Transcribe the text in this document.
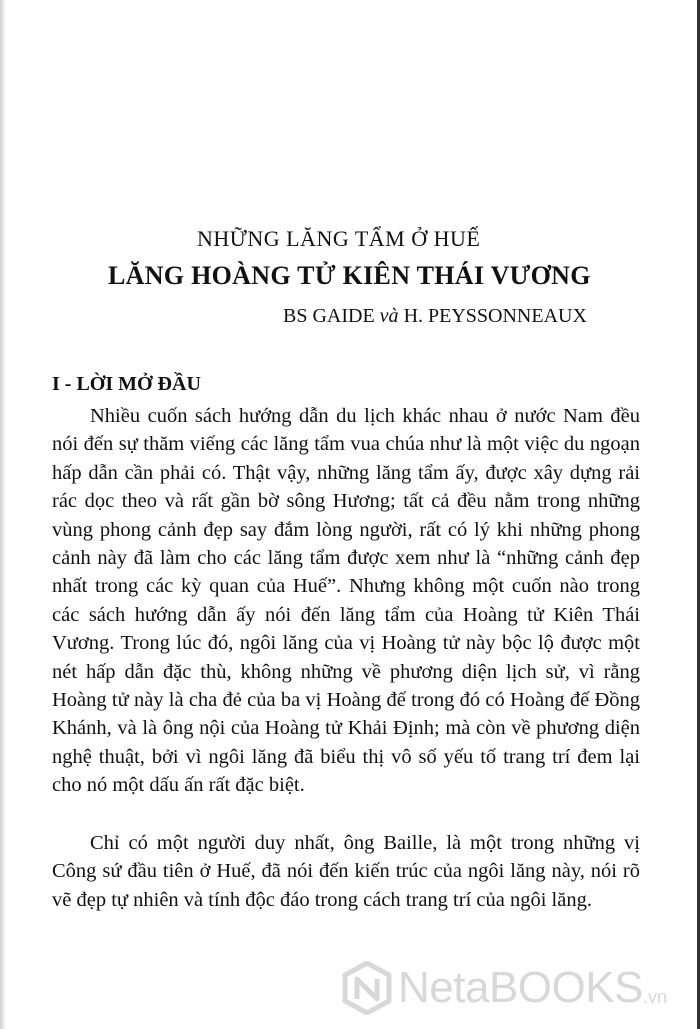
NHỮNG LĂNG TẨM Ở HUẾ
LĂNG HOÀNG TỬ KIÊN THÁI VƯƠNG
BS GAIDE và H. PEYSSONNEAUX
I - LỜI MỞ ĐẦU

Nhiều cuốn sách hướng dẫn du lịch khác nhau ở nước Nam đều nói đến sự thăm viếng các lăng tẩm vua chúa như là một việc du ngoạn hấp dẫn cần phải có. Thật vậy, những lăng tẩm ấy, được xây dựng rải rác dọc theo và rất gần bờ sông Hương; tất cả đều nằm trong những vùng phong cảnh đẹp say đắm lòng người, rất có lý khi những phong cảnh này đã làm cho các lăng tẩm được xem như là “những cảnh đẹp nhất trong các kỳ quan của Huế”. Nhưng không một cuốn nào trong các sách hướng dẫn ấy nói đến lăng tẩm của Hoàng tử Kiên Thái Vương. Trong lúc đó, ngôi lăng của vị Hoàng tử này bộc lộ được một nét hấp dẫn đặc thù, không những về phương diện lịch sử, vì rằng Hoàng tử này là cha đẻ của ba vị Hoàng đế trong đó có Hoàng đế Đồng Khánh, và là ông nội của Hoàng tử Khải Định; mà còn về phương diện nghệ thuật, bởi vì ngôi lăng đã biểu thị vô số yếu tố trang trí đem lại cho nó một dấu ấn rất đặc biệt.

Chỉ có một người duy nhất, ông Baille, là một trong những vị Công sứ đầu tiên ở Huế, đã nói đến kiến trúc của ngôi lăng này, nói rõ vẽ đẹp tự nhiên và tính độc đáo trong cách trang trí của ngôi lăng.

NetaBOOKS .vn
